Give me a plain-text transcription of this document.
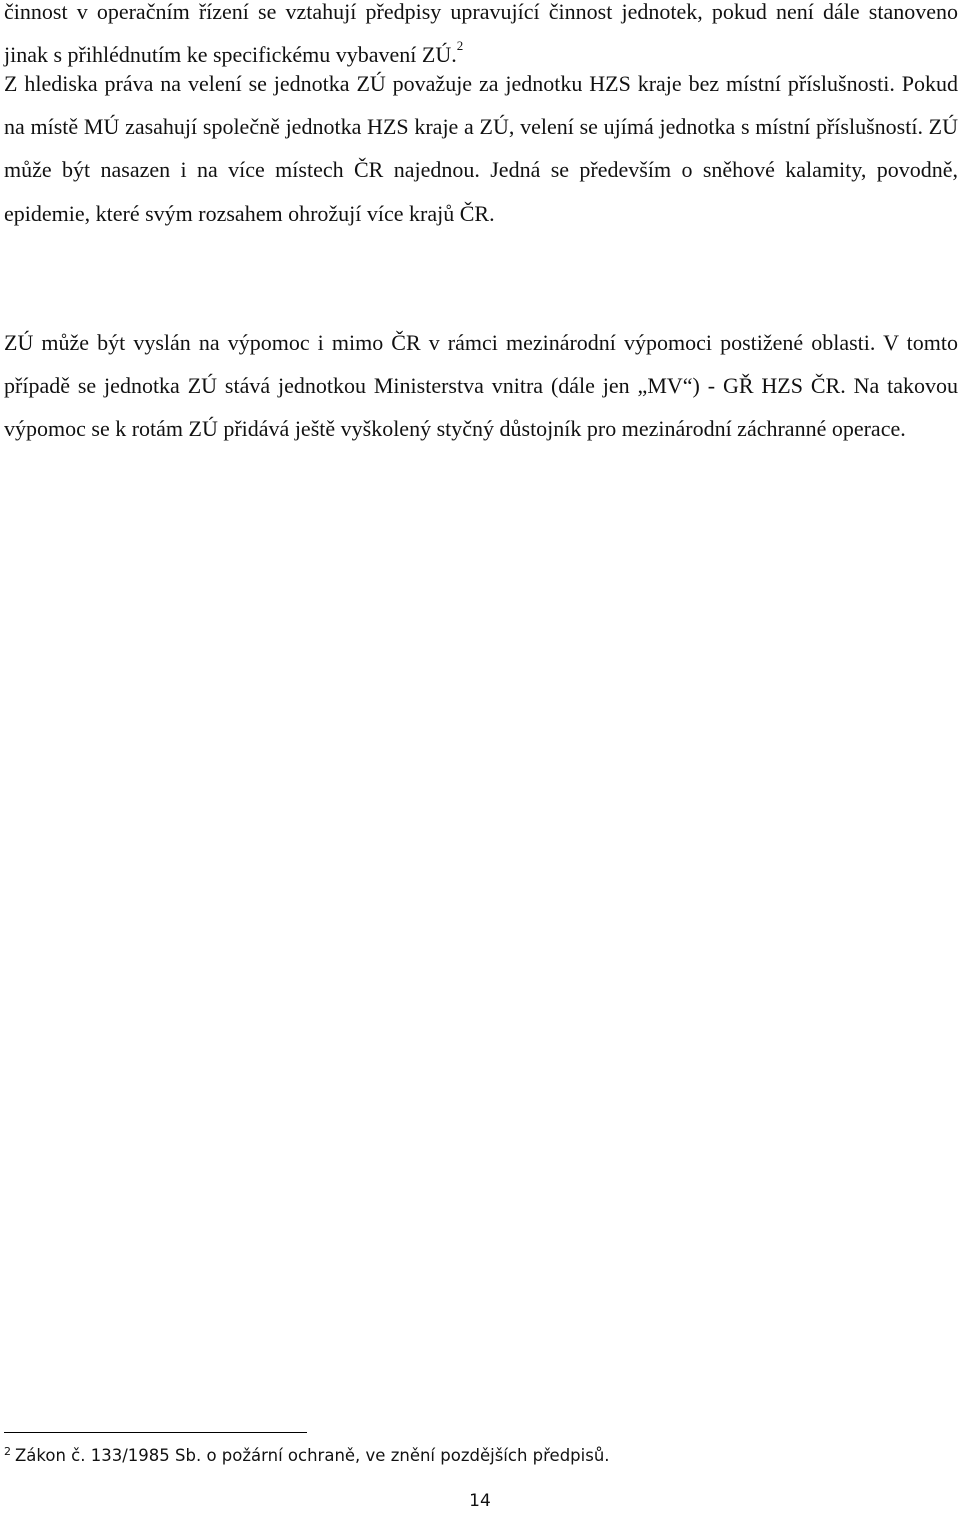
činnost v operačním řízení se vztahují předpisy upravující činnost jednotek, pokud není dále stanoveno jinak s přihlédnutím ke specifickému vybavení ZÚ.$^2$
Z hlediska práva na velení se jednotka ZÚ považuje za jednotku HZS kraje bez místní příslušnosti. Pokud na místě MÚ zasahují společně jednotka HZS kraje a ZÚ, velení se ujímá jednotka s místní příslušností. ZÚ může být nasazen i na více místech ČR najednou. Jedná se především o sněhové kalamity, povodně, epidemie, které svým rozsahem ohrožují více krajů ČR.
ZÚ může být vyslán na výpomoc i mimo ČR v rámci mezinárodní výpomoci postižené oblasti. V tomto případě se jednotka ZÚ stává jednotkou Ministerstva vnitra (dále jen „MV“) - GŘ HZS ČR. Na takovou výpomoc se k rotám ZÚ přidává ještě vyškolený styčný důstojník pro mezinárodní záchranné operace.
$^2$ Zákon č. 133/1985 Sb. o požární ochraně, ve znění pozdějších předpisů.
14
